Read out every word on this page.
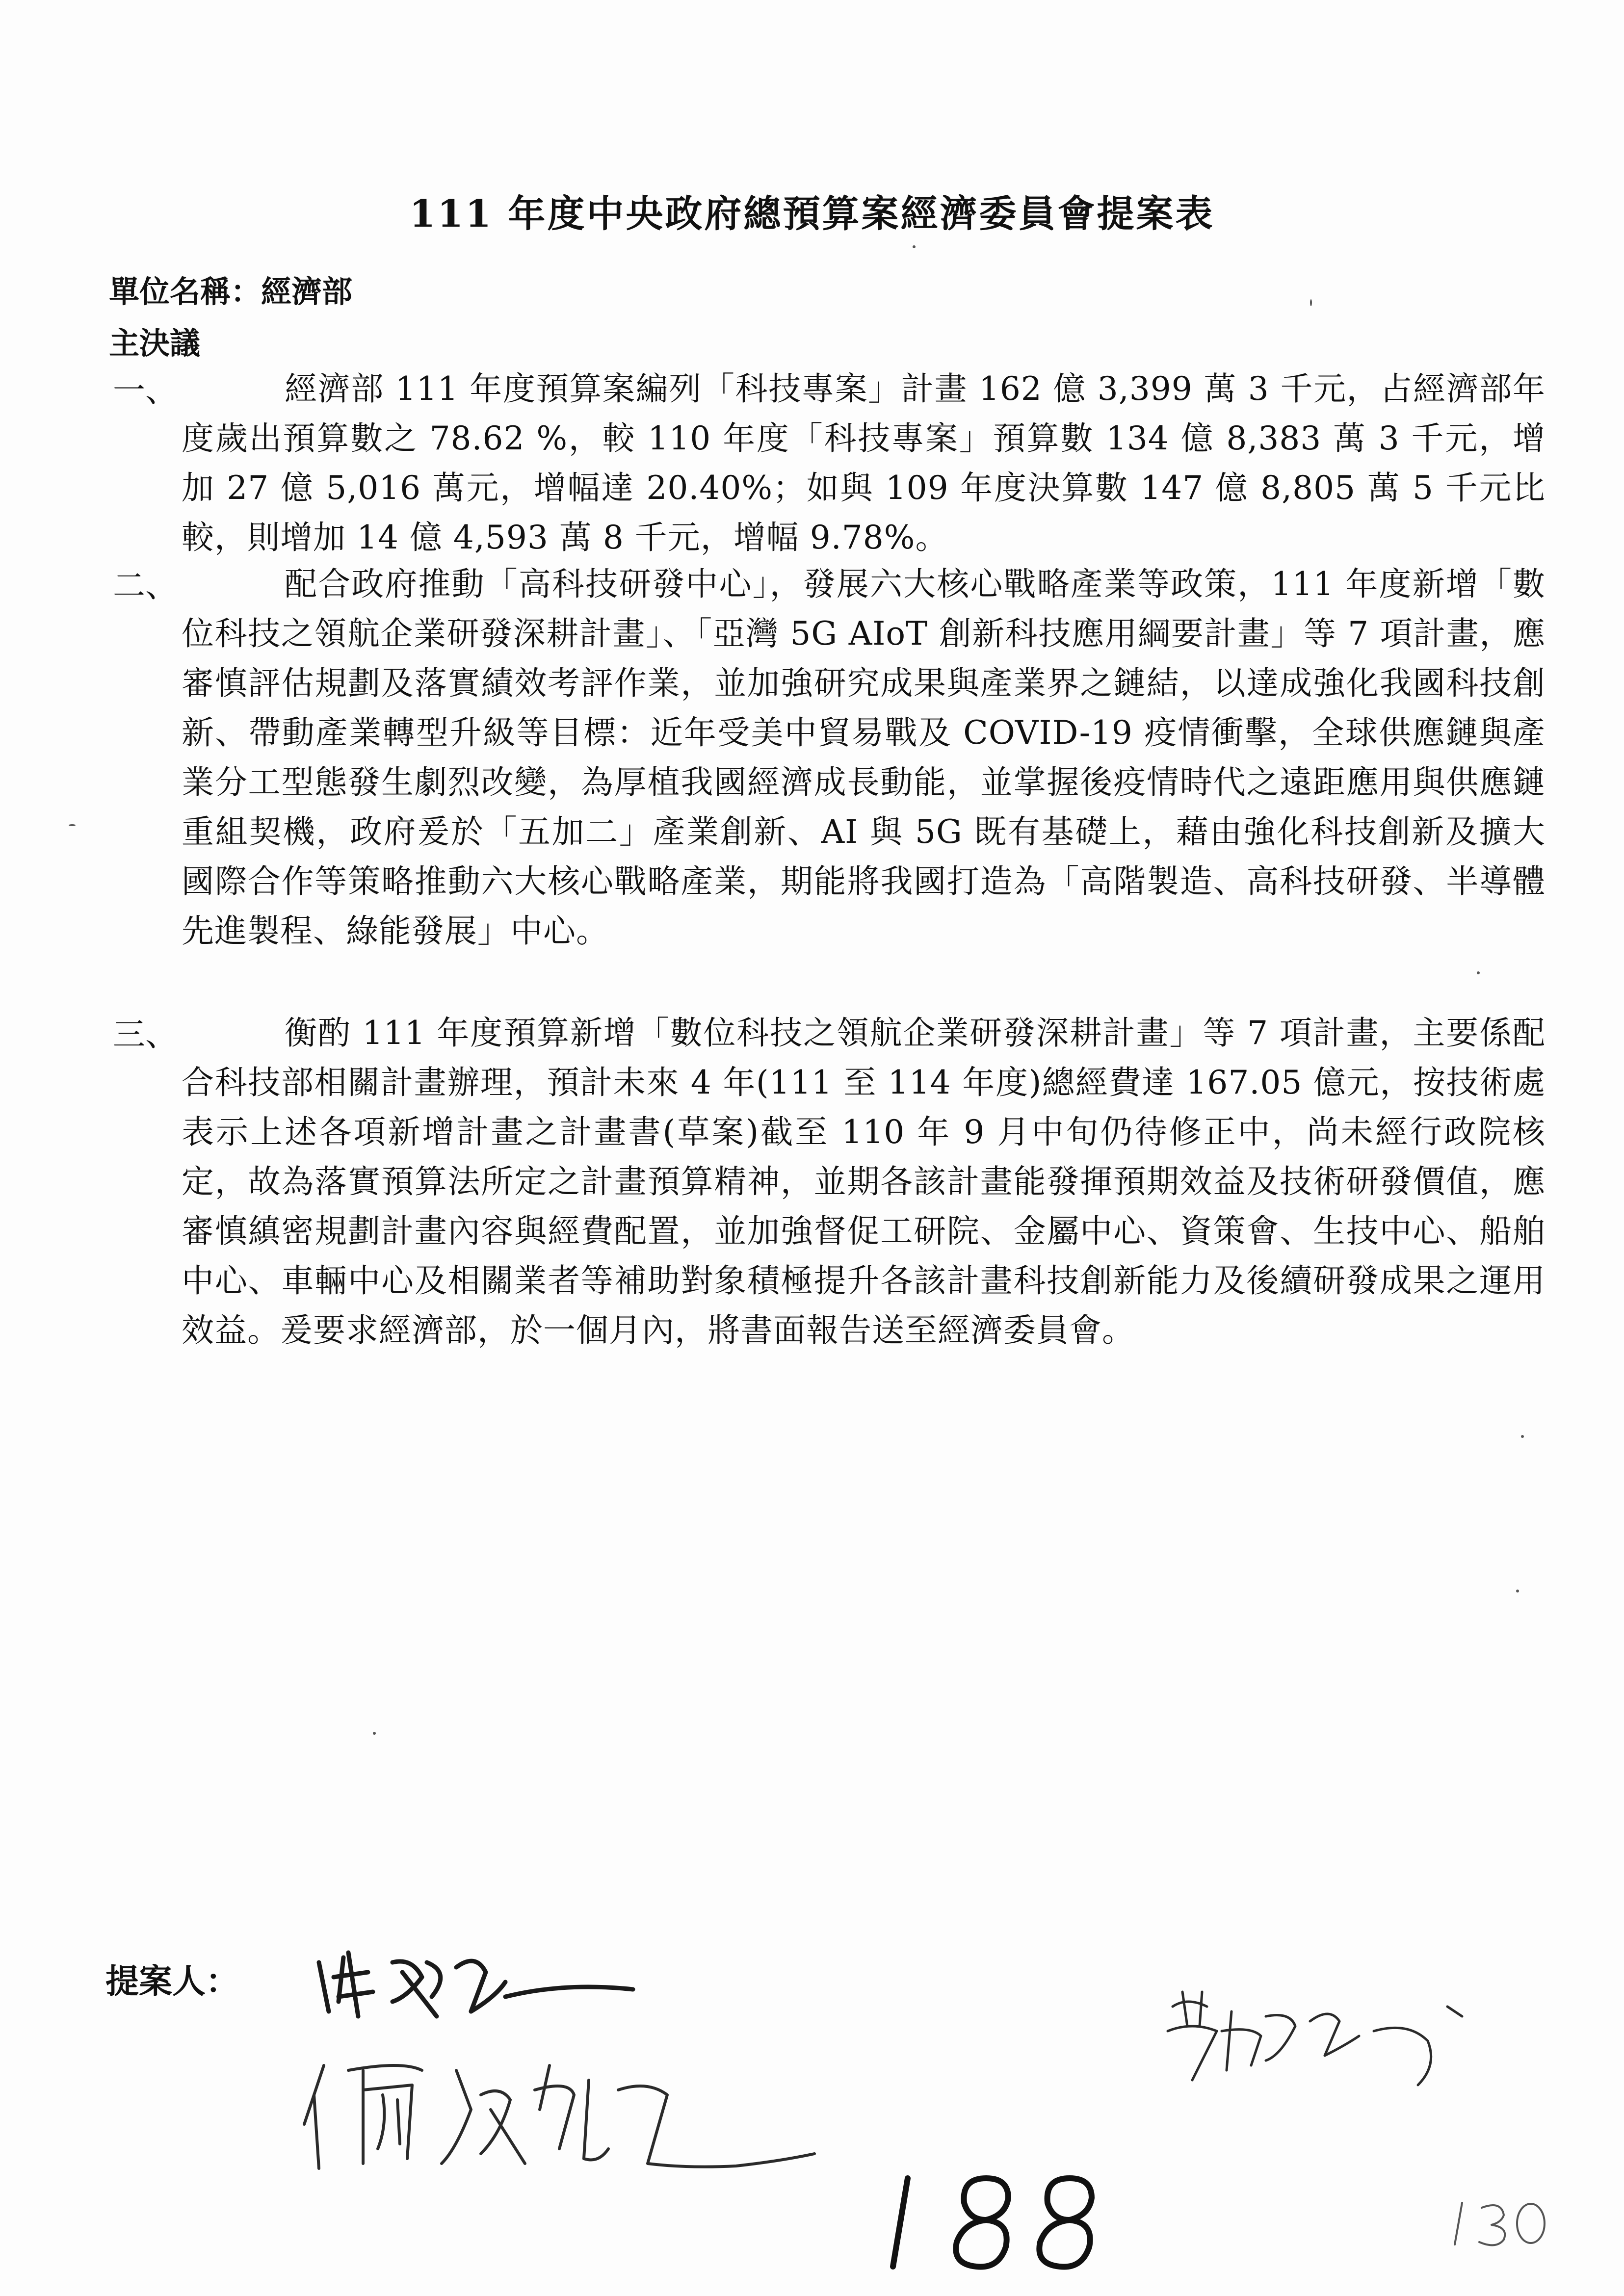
111 年度中央政府總預算案經濟委員會提案表
單位名稱：經濟部
主決議
一、	經濟部 111 年度預算案編列「科技專案」計畫 162 億 3,399 萬 3 千元，占經濟部年度歲出預算數之 78.62 %，較 110 年度「科技專案」預算數 134 億 8,383 萬 3 千元，增加 27 億 5,016 萬元，增幅達 20.40%；如與 109 年度決算數 147 億 8,805 萬 5 千元比較，則增加 14 億 4,593 萬 8 千元，增幅 9.78%。
二、	配合政府推動「高科技研發中心」，發展六大核心戰略產業等政策，111 年度新增「數位科技之領航企業研發深耕計畫」、「亞灣 5G AIoT 創新科技應用綱要計畫」等 7 項計畫，應審慎評估規劃及落實績效考評作業，並加強研究成果與產業界之鏈結，以達成強化我國科技創新、帶動產業轉型升級等目標：近年受美中貿易戰及 COVID-19 疫情衝擊，全球供應鏈與產業分工型態發生劇烈改變，為厚植我國經濟成長動能，並掌握後疫情時代之遠距應用與供應鏈重組契機，政府爰於「五加二」產業創新、AI 與 5G 既有基礎上，藉由強化科技創新及擴大國際合作等策略推動六大核心戰略產業，期能將我國打造為「高階製造、高科技研發、半導體先進製程、綠能發展」中心。
三、	衡酌 111 年度預算新增「數位科技之領航企業研發深耕計畫」等 7 項計畫，主要係配合科技部相關計畫辦理，預計未來 4 年(111 至 114 年度)總經費達 167.05 億元，按技術處表示上述各項新增計畫之計畫書(草案)截至 110 年 9 月中旬仍待修正中，尚未經行政院核定，故為落實預算法所定之計畫預算精神，並期各該計畫能發揮預期效益及技術研發價值，應審慎縝密規劃計畫內容與經費配置，並加強督促工研院、金屬中心、資策會、生技中心、船舶中心、車輛中心及相關業者等補助對象積極提升各該計畫科技創新能力及後續研發成果之運用效益。爰要求經濟部，於一個月內，將書面報告送至經濟委員會。
提案人：
